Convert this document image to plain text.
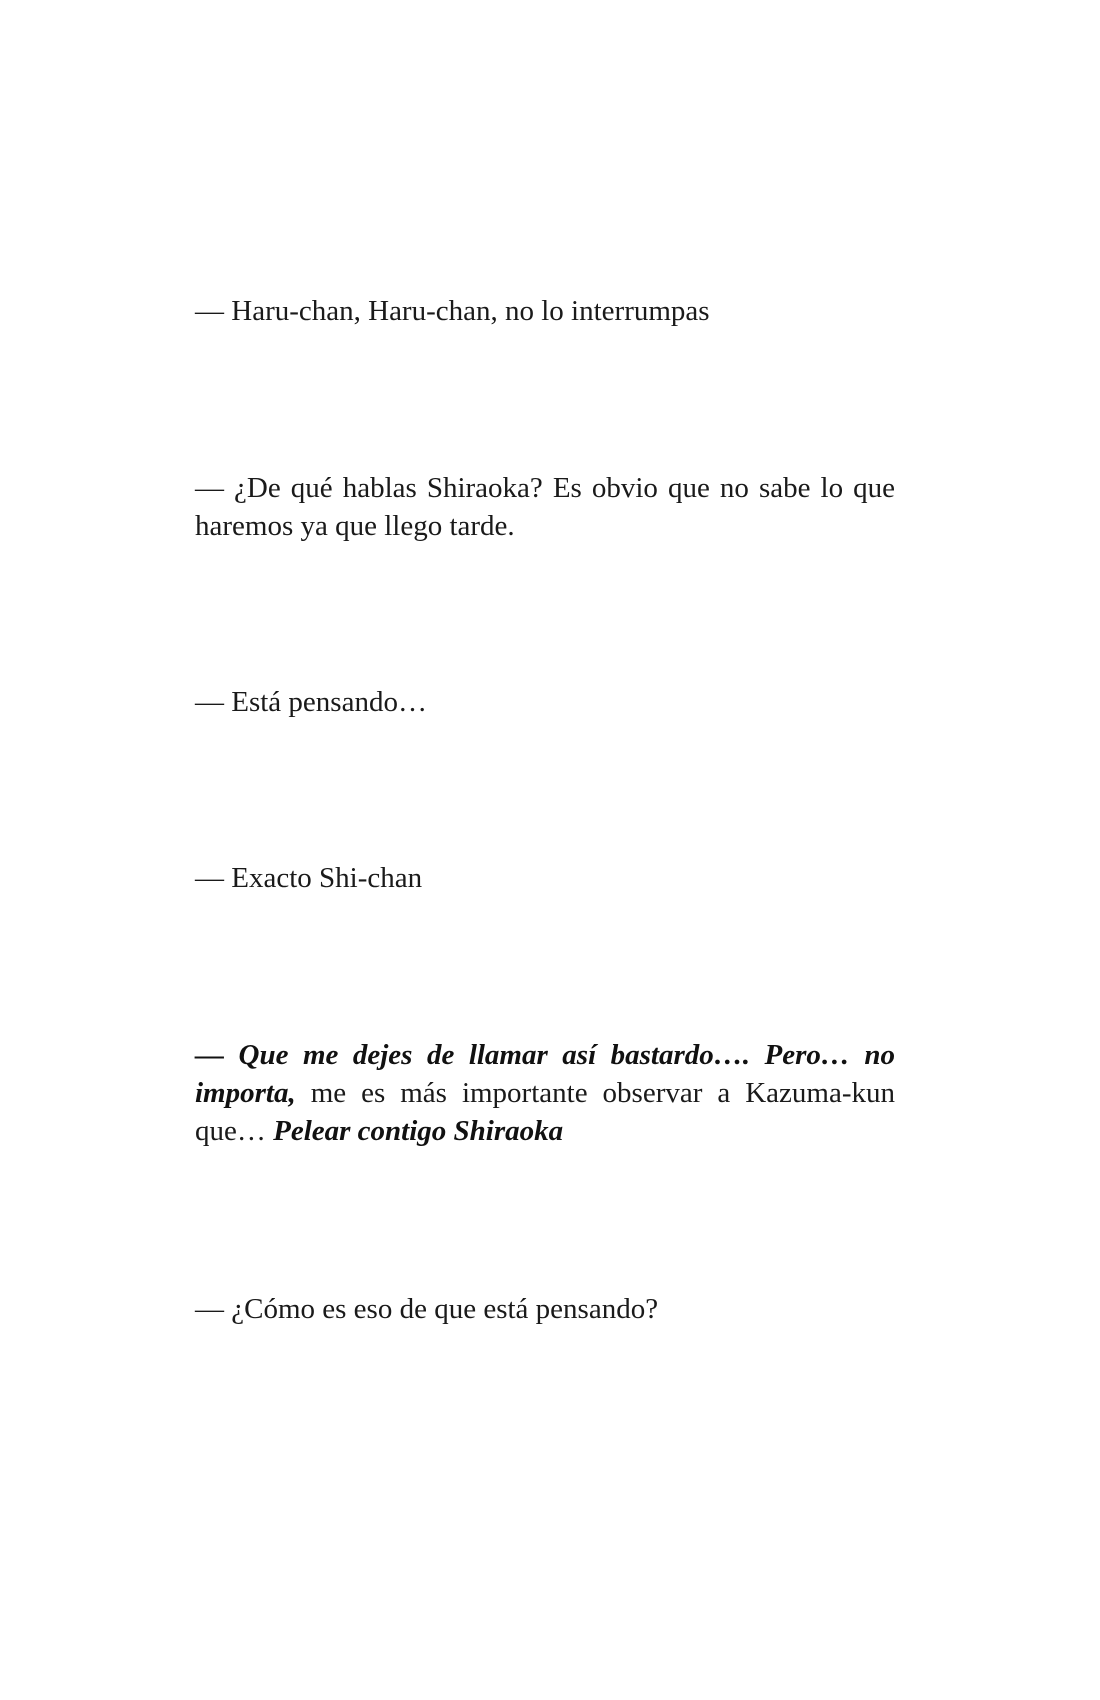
— Haru-chan, Haru-chan, no lo interrumpas

— ¿De qué hablas Shiraoka? Es obvio que no sabe lo que haremos ya que llego tarde.

— Está pensando…

— Exacto Shi-chan

— Que me dejes de llamar así bastardo…. Pero… no importa, me es más importante observar a Kazuma-kun que… Pelear contigo Shiraoka

— ¿Cómo es eso de que está pensando?
